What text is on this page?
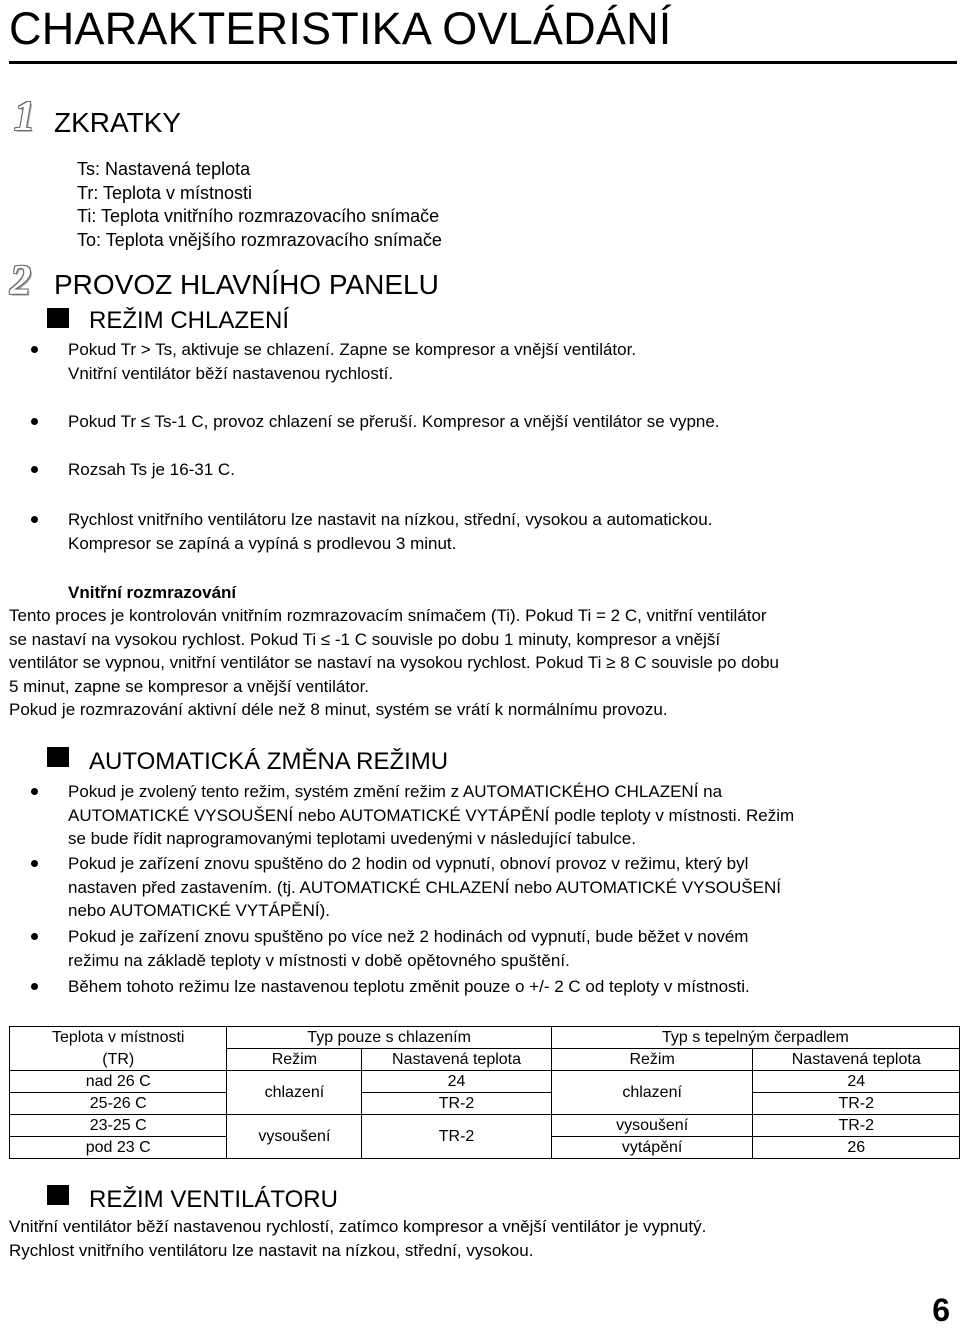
CHARAKTERISTIKA OVLÁDÁNÍ
1 ZKRATKY
Ts: Nastavená teplota
Tr: Teplota v místnosti
Ti: Teplota vnitřního rozmrazovacího snímače
To: Teplota vnějšího rozmrazovacího snímače
2 PROVOZ HLAVNÍHO PANELU
REŽIM CHLAZENÍ
Pokud Tr > Ts, aktivuje se chlazení. Zapne se kompresor a vnější ventilátor.
Vnitřní ventilátor běží nastavenou rychlostí.
Pokud Tr ≤ Ts-1 C, provoz chlazení se přeruší. Kompresor a vnější ventilátor se vypne.
Rozsah Ts je 16-31 C.
Rychlost vnitřního ventilátoru lze nastavit na nízkou, střední, vysokou a automatickou.
Kompresor se zapíná a vypíná s prodlevou 3 minut.
Vnitřní rozmrazování
Tento proces je kontrolován vnitřním rozmrazovacím snímačem (Ti). Pokud Ti = 2 C, vnitřní ventilátor
se nastaví na vysokou rychlost. Pokud Ti ≤ -1 C souvisle po dobu 1 minuty, kompresor a vnější
ventilátor se vypnou, vnitřní ventilátor se nastaví na vysokou rychlost. Pokud Ti ≥ 8 C souvisle po dobu
5 minut, zapne se kompresor a vnější ventilátor.
Pokud je rozmrazování aktivní déle než 8 minut, systém se vrátí k normálnímu provozu.
AUTOMATICKÁ ZMĚNA REŽIMU
Pokud je zvolený tento režim, systém změní režim z AUTOMATICKÉHO CHLAZENÍ na
AUTOMATICKÉ VYSOUŠENÍ nebo AUTOMATICKÉ VYTÁPĚNÍ podle teploty v místnosti. Režim
se bude řídit naprogramovanými teplotami uvedenými v následující tabulce.
Pokud je zařízení znovu spuštěno do 2 hodin od vypnutí, obnoví provoz v režimu, který byl
nastaven před zastavením. (tj. AUTOMATICKÉ CHLAZENÍ nebo AUTOMATICKÉ VYSOUŠENÍ
nebo AUTOMATICKÉ VYTÁPĚNÍ).
Pokud je zařízení znovu spuštěno po více než 2 hodinách od vypnutí, bude běžet v novém
režimu na základě teploty v místnosti v době opětovného spuštění.
Během tohoto režimu lze nastavenou teplotu změnit pouze o +/- 2 C od teploty v místnosti.
Teplota v místnosti	Typ pouze s chlazením		Typ s tepelným čerpadlem	
(TR)	Režim	Nastavená teplota	Režim	Nastavená teplota
nad 26 C	chlazení	24	chlazení	24
25-26 C		TR-2		TR-2
23-25 C	vysoušení	TR-2	vysoušení	TR-2
pod 23 C			vytápění	26
REŽIM VENTILÁTORU
Vnitřní ventilátor běží nastavenou rychlostí, zatímco kompresor a vnější ventilátor je vypnutý.
Rychlost vnitřního ventilátoru lze nastavit na nízkou, střední, vysokou.
6
